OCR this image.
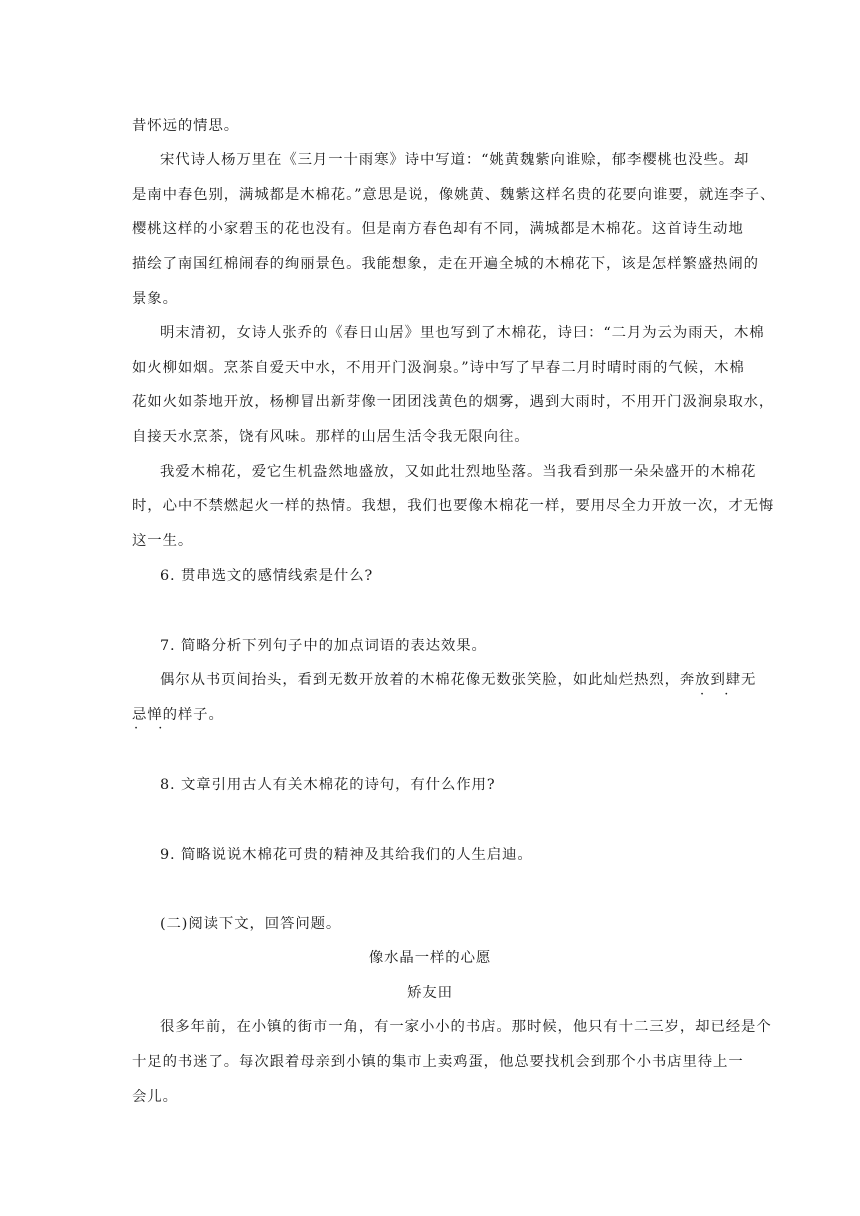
昔怀远的情思。
宋代诗人杨万里在《三月一十雨寒》诗中写道：“姚黄魏紫向谁赊，郁李樱桃也没些。却
是南中春色别，满城都是木棉花。”意思是说，像姚黄、魏紫这样名贵的花要向谁要，就连李子、
樱桃这样的小家碧玉的花也没有。但是南方春色却有不同，满城都是木棉花。这首诗生动地
描绘了南国红棉闹春的绚丽景色。我能想象，走在开遍全城的木棉花下，该是怎样繁盛热闹的
景象。
明末清初，女诗人张乔的《春日山居》里也写到了木棉花，诗曰：“二月为云为雨天，木棉
如火柳如烟。烹茶自爱天中水，不用开门汲涧泉。”诗中写了早春二月时晴时雨的气候，木棉
花如火如荼地开放，杨柳冒出新芽像一团团浅黄色的烟雾，遇到大雨时，不用开门汲涧泉取水，
自接天水烹茶，饶有风味。那样的山居生活令我无限向往。
我爱木棉花，爱它生机盎然地盛放，又如此壮烈地坠落。当我看到那一朵朵盛开的木棉花
时，心中不禁燃起火一样的热情。我想，我们也要像木棉花一样，要用尽全力开放一次，才无悔
这一生。
6. 贯串选文的感情线索是什么?
7. 简略分析下列句子中的加点词语的表达效果。
偶尔从书页间抬头，看到无数开放着的木棉花像无数张笑脸，如此灿烂热烈，奔放到肆无
· ·
忌惮的样子。
· ·
8. 文章引用古人有关木棉花的诗句，有什么作用?
9. 简略说说木棉花可贵的精神及其给我们的人生启迪。
(二)阅读下文，回答问题。
像水晶一样的心愿
矫友田
很多年前，在小镇的街市一角，有一家小小的书店。那时候，他只有十二三岁，却已经是个
十足的书迷了。每次跟着母亲到小镇的集市上卖鸡蛋，他总要找机会到那个小书店里待上一
会儿。
